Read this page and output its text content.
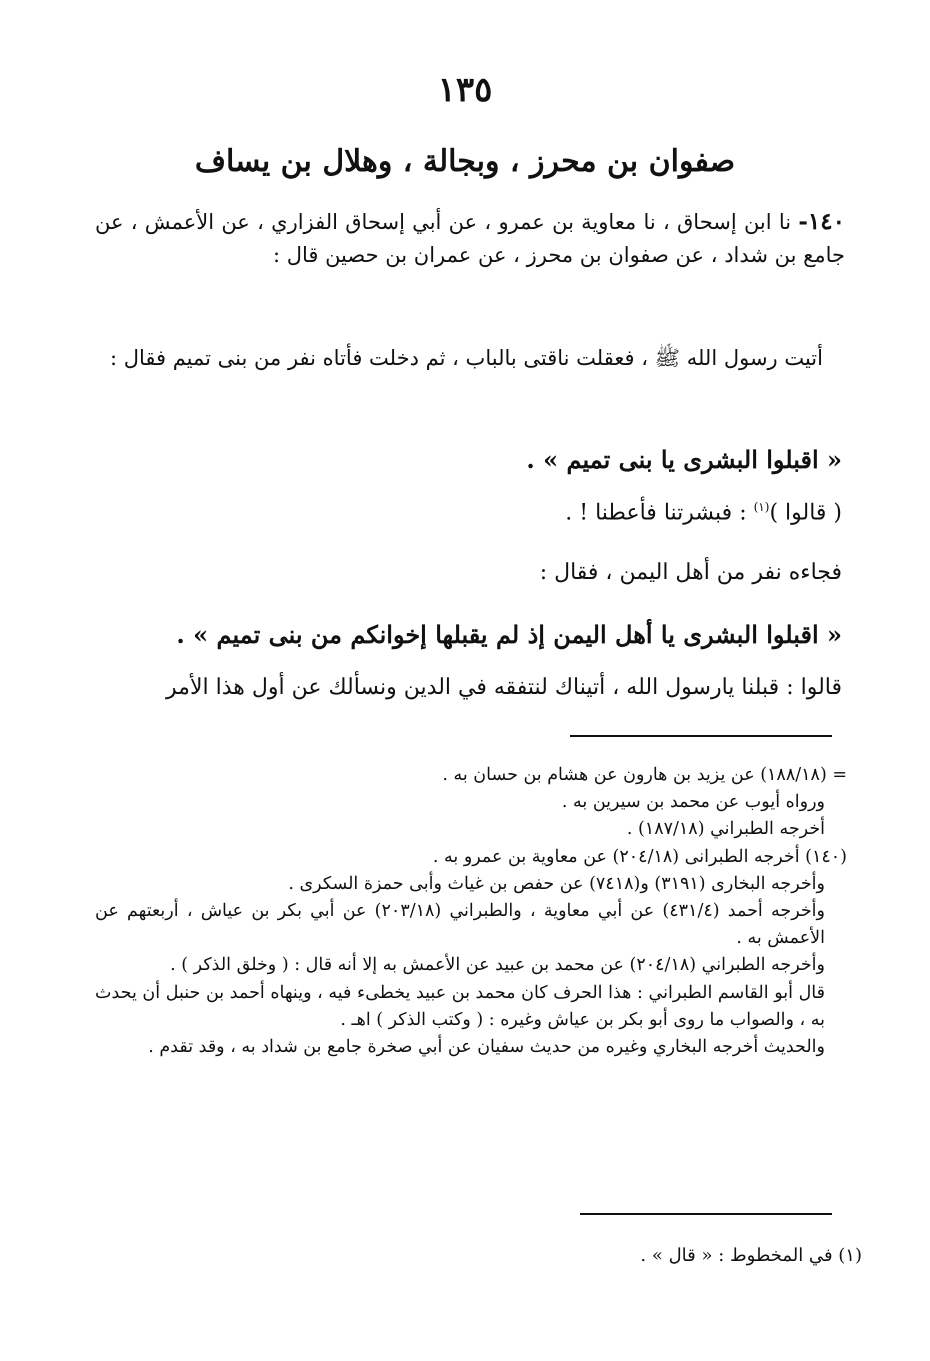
١٣٥
صفوان بن محرز ، وبجالة ، وهلال بن يساف
١٤٠- نا ابن إسحاق ، نا معاوية بن عمرو ، عن أبي إسحاق الفزاري ، عن الأعمش ، عن جامع بن شداد ، عن صفوان بن محرز ، عن عمران بن حصين قال :
أتيت رسول الله ﷺ ، فعقلت ناقتى بالباب ، ثم دخلت فأتاه نفر من بنى تميم فقال :
« اقبلوا البشرى يا بنى تميم » .
( قالوا )$^{(١)}$ : فبشرتنا فأعطنا ! .
فجاءه نفر من أهل اليمن ، فقال :
« اقبلوا البشرى يا أهل اليمن إذ لم يقبلها إخوانكم من بنى تميم » .
قالوا : قبلنا يارسول الله ، أتيناك لنتفقه في الدين ونسألك عن أول هذا الأمر

= (١٨٨/١٨) عن يزيد بن هارون عن هشام بن حسان به .

ورواه أيوب عن محمد بن سيرين به .

أخرجه الطبراني (١٨٧/١٨) .

(١٤٠) أخرجه الطبرانى (٢٠٤/١٨) عن معاوية بن عمرو به .

وأخرجه البخارى (٣١٩١) و(٧٤١٨) عن حفص بن غياث وأبى حمزة السكرى .

وأخرجه أحمد (٤٣١/٤) عن أبي معاوية ، والطبراني (٢٠٣/١٨) عن أبي بكر بن عياش ، أربعتهم عن الأعمش به .

وأخرجه الطبراني (٢٠٤/١٨) عن محمد بن عبيد عن الأعمش به إلا أنه قال : ( وخلق الذكر ) .

قال أبو القاسم الطبراني : هذا الحرف كان محمد بن عبيد يخطىء فيه ، وينهاه أحمد بن حنبل أن يحدث به ، والصواب ما روى أبو بكر بن عياش وغيره : ( وكتب الذكر ) اهـ .

والحديث أخرجه البخاري وغيره من حديث سفيان عن أبي صخرة جامع بن شداد به ، وقد تقدم .

(١) في المخطوط : « قال » .
